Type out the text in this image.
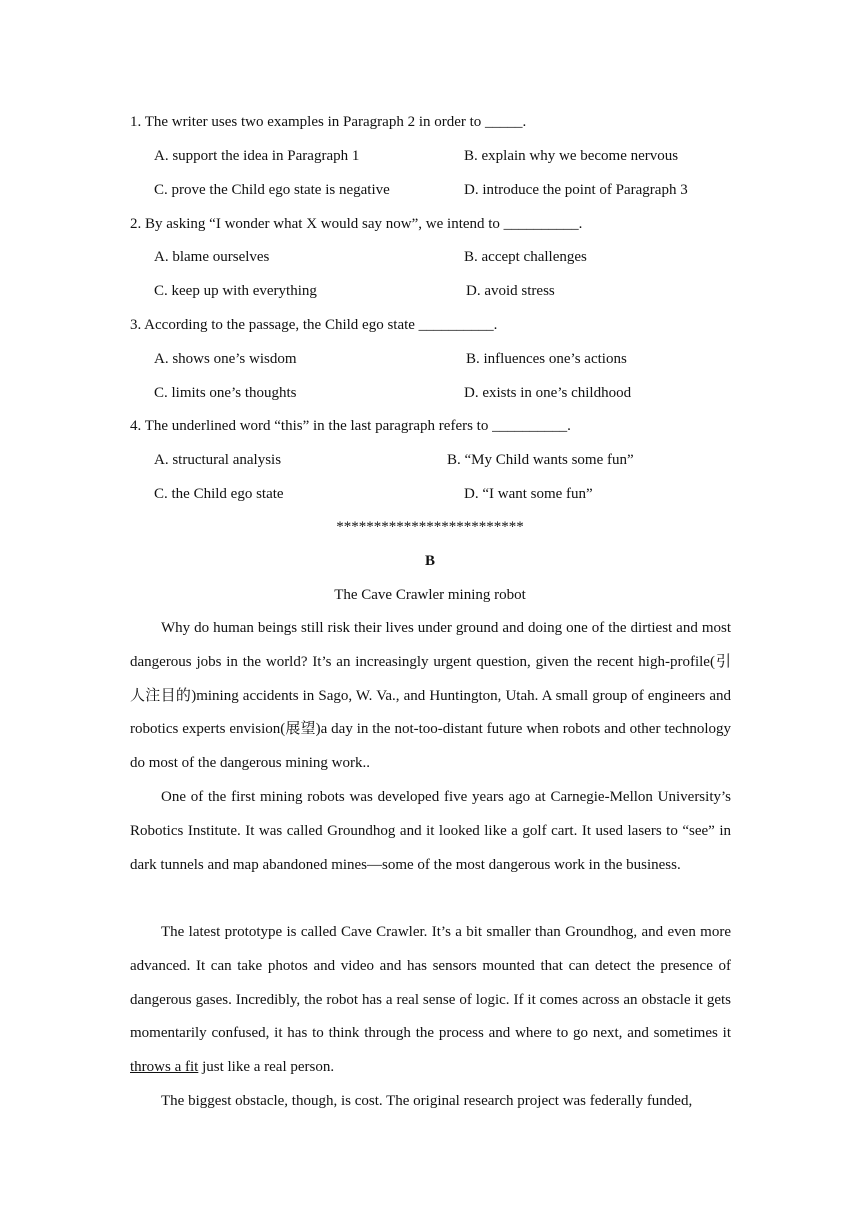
1. The writer uses two examples in Paragraph 2 in order to _____.
A. support the idea in Paragraph 1	B. explain why we become nervous
C. prove the Child ego state is negative	D. introduce the point of Paragraph 3
2. By asking “I wonder what X would say now”, we intend to __________.
A. blame ourselves	B. accept challenges
C. keep up with everything	D. avoid stress
3. According to the passage, the Child ego state __________.
A. shows one’s wisdom	B. influences one’s actions
C. limits one’s thoughts	D. exists in one’s childhood
4. The underlined word “this” in the last paragraph refers to __________.
A. structural analysis	B. “My Child wants some fun”
C. the Child ego state	D. “I want some fun”
*************************
B
The Cave Crawler mining robot
Why do human beings still risk their lives under ground and doing one of the dirtiest and most dangerous jobs in the world? It’s an increasingly urgent question, given the recent high-profile(引人注目的)mining accidents in Sago, W. Va., and Huntington, Utah. A small group of engineers and robotics experts envision(展望)a day in the not-too-distant future when robots and other technology do most of the dangerous mining work..
One of the first mining robots was developed five years ago at Carnegie-Mellon University’s Robotics Institute. It was called Groundhog and it looked like a golf cart. It used lasers to “see” in dark tunnels and map abandoned mines—some of the most dangerous work in the business.
The latest prototype is called Cave Crawler. It’s a bit smaller than Groundhog, and even more advanced. It can take photos and video and has sensors mounted that can detect the presence of dangerous gases. Incredibly, the robot has a real sense of logic. If it comes across an obstacle it gets momentarily confused, it has to think through the process and where to go next, and sometimes it throws a fit just like a real person.
The biggest obstacle, though, is cost. The original research project was federally funded,
